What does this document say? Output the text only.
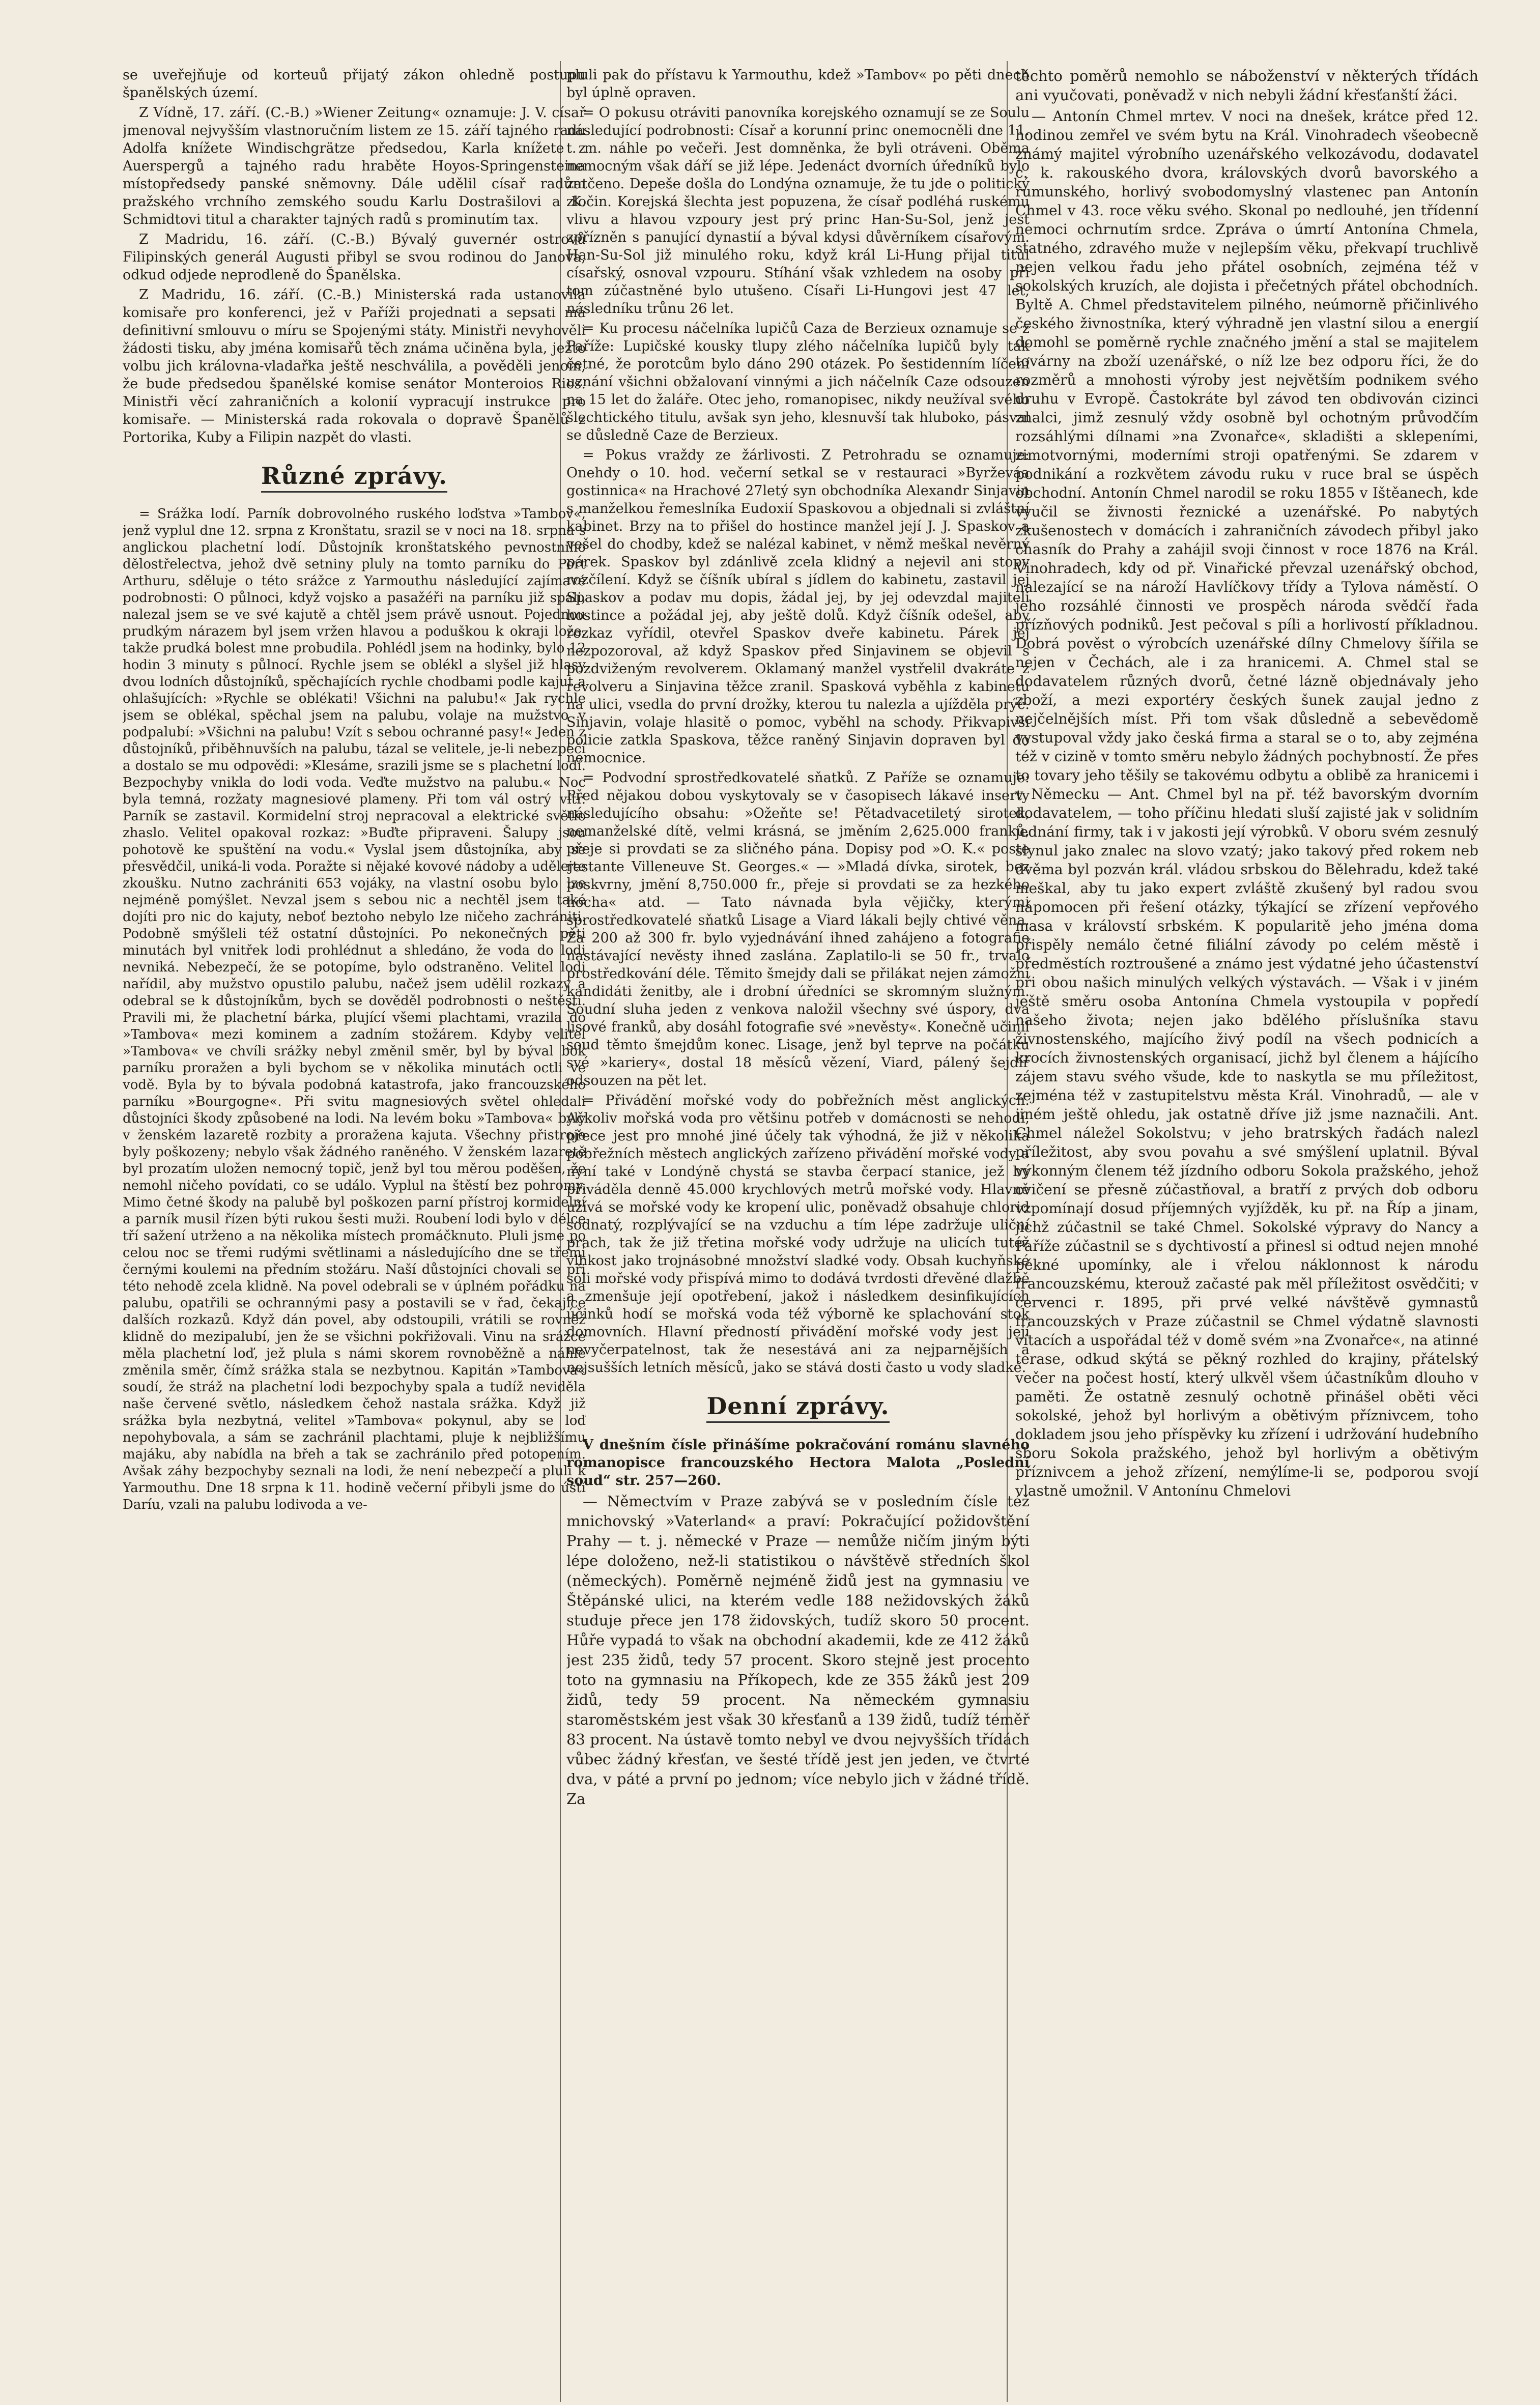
se uveřejňuje od korteuů přijatý zákon ohledně postupu španělských území.

Z Vídně, 17. září. (C.-B.) »Wiener Zeitung« oznamuje: J. V. císař jmenoval nejvyšším vlastnoručním listem ze 15. září tajného radu Adolfa knížete Windischgrätze předsedou, Karla knížete z Auerspergů a tajného radu hraběte Hoyos-Springensteina místopředsedy panské sněmovny. Dále udělil císař radům pražského vrchního zemského soudu Karlu Dostrašilovi a K. Schmidtovi titul a charakter tajných radů s prominutím tax.

Z Madridu, 16. září. (C.-B.) Bývalý guvernér ostrovů Filipinských generál Augusti přibyl se svou rodinou do Janova, odkud odjede neprodleně do Španělska.

Z Madridu, 16. září. (C.-B.) Ministerská rada ustanovila komisaře pro konferenci, jež v Paříži projednati a sepsati má definitivní smlouvu o míru se Spojenými státy. Ministři nevyhověli žádosti tisku, aby jména komisařů těch známa učiněna byla, ježto volbu jich královna-vladařka ještě neschválila, a pověděli jenom, že bude předsedou španělské komise senátor Monteroios Rios. Ministři věcí zahraničních a kolonií vypracují instrukce pro komisaře. — Ministerská rada rokovala o dopravě Španělů z Portorika, Kuby a Filipin nazpět do vlasti.

Různé zprávy.

= Srážka lodí. Parník dobrovolného ruského loďstva »Tambov«, jenž vyplul dne 12. srpna z Kronštatu, srazil se v noci na 18. srpna s anglickou plachetní lodí. Důstojník kronštatského pevnostního dělostřelectva, jehož dvě setniny pluly na tomto parníku do Port Arthuru, sděluje o této srážce z Yarmouthu následující zajímavé podrobnosti: O půlnoci, když vojsko a pasažéři na parníku již spali, nalezal jsem se ve své kajutě a chtěl jsem právě usnout. Pojednou prudkým nárazem byl jsem vržen hlavou a poduškou k okraji lože, takže prudká bolest mne probudila. Pohlédl jsem na hodinky, bylo 12 hodin 3 minuty s půlnocí. Rychle jsem se oblékl a slyšel již hlasy dvou lodních důstojníků, spěchajících rychle chodbami podle kajut a ohlašujících: »Rychle se oblékati! Všichni na palubu!« Jak rychle jsem se oblékal, spěchal jsem na palubu, volaje na mužstvo v podpalubí: »Všichni na palubu! Vzít s sebou ochranné pasy!« Jeden z důstojníků, přiběhnuvších na palubu, tázal se velitele, je-li nebezpečí a dostalo se mu odpovědi: »Klesáme, srazili jsme se s plachetní lodí. Bezpochyby vnikla do lodi voda. Veďte mužstvo na palubu.« Noc byla temná, rozžaty magnesiové plameny. Při tom vál ostrý vítr. Parník se zastavil. Kormidelní stroj nepracoval a elektrické světlo zhaslo. Velitel opakoval rozkaz: »Buďte připraveni. Šalupy jsou pohotově ke spuštění na vodu.« Vyslal jsem důstojníka, aby se přesvědčil, uniká-li voda. Poražte si nějaké kovové nádoby a udělejte zkoušku. Nutno zachrániti 653 vojáky, na vlastní osobu bylo lze nejméně pomýšlet. Nevzal jsem s sebou nic a nechtěl jsem také dojíti pro nic do kajuty, neboť beztoho nebylo lze ničeho zachrániti. Podobně smýšleli též ostatní důstojníci. Po nekonečných pěti minutách byl vnitřek lodi prohlédnut a shledáno, že voda do lodi nevniká. Nebezpečí, že se potopíme, bylo odstraněno. Velitel lodi nařídil, aby mužstvo opustilo palubu, načež jsem udělil rozkazy a odebral se k důstojníkům, bych se dověděl podrobnosti o neštěstí. Pravili mi, že plachetní bárka, plující všemi plachtami, vrazila do »Tambova« mezi kominem a zadním stožárem. Kdyby velitel »Tambova« ve chvíli srážky nebyl změnil směr, byl by býval bok parníku proražen a byli bychom se v několika minutách octli ve vodě. Byla by to bývala podobná katastrofa, jako francouzského parníku »Bourgogne«. Při svitu magnesiových světel ohledali důstojníci škody způsobené na lodi. Na levém boku »Tambova« byly v ženském lazaretě rozbity a proražena kajuta. Všechny přistroje byly poškozeny; nebylo však žádného raněného. V ženském lazaretě byl prozatím uložen nemocný topič, jenž byl tou měrou poděšen, že nemohl ničeho povídati, co se událo. Vyplul na štěstí bez pohromy. Mimo četné škody na palubě byl poškozen parní přístroj kormidelní a parník musil řízen býti rukou šesti muži. Roubení lodi bylo v délce tří sažení utrženo a na několika místech promáčknuto. Pluli jsme po celou noc se třemi rudými světlinami a následujícího dne se třemi černými koulemi na předním stožáru. Naší důstojníci chovali se při této nehodě zcela klidně. Na povel odebrali se v úplném pořádku na palubu, opatřili se ochrannými pasy a postavili se v řad, čekajíce dalších rozkazů. Když dán povel, aby odstoupili, vrátili se rovněž klidně do mezipalubí, jen že se všichni pokřižovali. Vinu na srážce měla plachetní loď, jež plula s námi skorem rovnoběžně a náhle změnila směr, čímž srážka stala se nezbytnou. Kapitán »Tambova« soudí, že stráž na plachetní lodi bezpochyby spala a tudíž neviděla naše červené světlo, následkem čehož nastala srážka. Když již srážka byla nezbytná, velitel »Tambova« pokynul, aby se loď nepohybovala, a sám se zachránil plachtami, pluje k nejbližšímu majáku, aby nabídla na břeh a tak se zachránilo před potopením. Avšak záhy bezpochyby seznali na lodi, že není nebezpečí a pluli k Yarmouthu. Dne 18 srpna k 11. hodině večerní přibyli jsme do ústí Daríu, vzali na palubu lodivoda a ve-

pluli pak do přístavu k Yarmouthu, kdež »Tambov« po pěti dnech byl úplně opraven.

= O pokusu otráviti panovníka korejského oznamují se ze Soulu následující podrobnosti: Císař a korunní princ onemocněli dne 11. t. m. náhle po večeři. Jest domněnka, že byli otráveni. Oběma nemocným však dáří se již lépe. Jedenáct dvorních úředníků bylo zatčeno. Depeše došla do Londýna oznamuje, že tu jde o politický zločin. Korejská šlechta jest popuzena, že císař podléhá ruskému vlivu a hlavou vzpoury jest prý princ Han-Su-Sol, jenž jest zpřízněn s panující dynastií a býval kdysi důvěrníkem císařovým. Han-Su-Sol již minulého roku, když král Li-Hung přijal titul císařský, osnoval vzpouru. Stíhání však vzhledem na osoby při tom zúčastněné bylo utušeno. Císaři Li-Hungovi jest 47 let, následníku trůnu 26 let.

= Ku procesu náčelníka lupičů Caza de Berzieux oznamuje se z Paříže: Lupičské kousky tlupy zlého náčelníka lupičů byly tak četné, že porotcům bylo dáno 290 otázek. Po šestidenním líčení uznání všichni obžalovaní vinnými a jich náčelník Caze odsouzen na 15 let do žaláře. Otec jeho, romanopisec, nikdy neužíval svého šlechtického titulu, avšak syn jeho, klesnuvší tak hluboko, pásval se důsledně Caze de Berzieux.

= Pokus vraždy ze žárlivosti. Z Petrohradu se oznamuje: Onehdy o 10. hod. večerní setkal se v restauraci »Byrževáa gostinnica« na Hrachové 27letý syn obchodníka Alexandr Sinjavin s manželkou řemeslníka Eudoxií Spaskovou a objednali si zvláštní kabinet. Brzy na to přišel do hostince manžel její J. J. Spaskov a vešel do chodby, kdež se nalézal kabinet, v němž meškal nevěrný párek. Spaskov byl zdánlivě zcela klidný a nejevil ani stopy rozčílení. Když se číšník ubíral s jídlem do kabinetu, zastavil jej Spaskov a podav mu dopis, žádal jej, by jej odevzdal majiteli hostince a požádal jej, aby ještě dolů. Když číšník odešel, aby rozkaz vyřídil, otevřel Spaskov dveře kabinetu. Párek jej nezpozoroval, až když Spaskov před Sinjavinem se objevil s pozdviženým revolverem. Oklamaný manžel vystřelil dvakráte z revolveru a Sinjavina těžce zranil. Spasková vyběhla z kabinetu na ulici, vsedla do první drožky, kterou tu nalezla a ujížděla prýč. Sinjavin, volaje hlasitě o pomoc, vyběhl na schody. Přikvapivší policie zatkla Spaskova, těžce raněný Sinjavin dopraven byl do nemocnice.

= Podvodní sprostředkovatelé sňatků. Z Paříže se oznamuje: Před nějakou dobou vyskytovaly se v časopisech lákavé inserty následujícího obsahu: »Ožeňte se! Pětadvacetiletý sirotek, nemanželské dítě, velmi krásná, se jměním 2,625.000 franků, přeje si provdati se za sličného pána. Dopisy pod »O. K.« poste restante Villeneuve St. Georges.« — »Mladá dívka, sirotek, bez poskvrny, jmění 8,750.000 fr., přeje si provdati se za hezkého hocha« atd. — Tato návnada byla vějičky, kterými sprostředkovatelé sňatků Lisage a Viard lákali bejly chtivé věna. Za 200 až 300 fr. bylo vyjednávání ihned zahájeno a fotografie nastávající nevěsty ihned zaslána. Zaplatilo-li se 50 fr., trvalo prostředkování déle. Těmito šmejdy dali se přilákat nejen zámožní kandidáti ženitby, ale i drobní úředníci se skromným služným. Soudní sluha jeden z venkova naložil všechny své úspory, dva lisové franků, aby dosáhl fotografie své »nevěsty«. Konečně učinil soud těmto šmejdům konec. Lisage, jenž byl teprve na počátku své »kariery«, dostal 18 měsíců vězení, Viard, pálený šejdíř odsouzen na pět let.

= Přivádění mořské vody do pobřežních měst anglických. Ačkoliv mořská voda pro většinu potřeb v domácnosti se nehodí, přece jest pro mnohé jiné účely tak výhodná, že již v několika pobřežních městech anglických zařízeno přivádění mořské vody a nyní také v Londýně chystá se stavba čerpací stanice, jež by přiváděla denně 45.000 krychlových metrů mořské vody. Hlavně užívá se mořské vody ke kropení ulic, poněvadž obsahuje chlorid sodnatý, rozplývající se na vzduchu a tím lépe zadržuje uliční prach, tak že již třetina mořské vody udržuje na ulicích tutéž vlhkost jako trojnásobné množství sladké vody. Obsah kuchyňské soli mořské vody přispívá mimo to dodává tvrdosti dřevěné dlažbě a zmenšuje její opotřebení, jakož i následkem desinfikujících účinků hodí se mořská voda též výborně ke splachování stok domovních. Hlavní předností přivádění mořské vody jest její nevyčerpatelnost, tak že nesestává ani za nejparnějších a nejsušších letních měsíců, jako se stává dosti často u vody sladké.

Denní zprávy.

V dnešním čísle přinášíme pokračování románu slavného romanopisce francouzského Hectora Malota „Poslední soud“ str. 257—260.

— Němectvím v Praze zabývá se v posledním čísle též mnichovský »Vaterland« a praví: Pokračující požidovštění Prahy — t. j. německé v Praze — nemůže ničím jiným býti lépe doloženo, než-li statistikou o návštěvě středních škol (německých). Poměrně nejméně židů jest na gymnasiu ve Štěpánské ulici, na kterém vedle 188 nežidovských žáků studuje přece jen 178 židovských, tudíž skoro 50 procent. Hůře vypadá to však na obchodní akademii, kde ze 412 žáků jest 235 židů, tedy 57 procent. Skoro stejně jest procento toto na gymnasiu na Příkopech, kde ze 355 žáků jest 209 židů, tedy 59 procent. Na německém gymnasiu staroměstském jest však 30 křesťanů a 139 židů, tudíž téměř 83 procent. Na ústavě tomto nebyl ve dvou nejvyšších třídách vůbec žádný křesťan, ve šesté třídě jest jen jeden, ve čtvrté dva, v páté a první po jednom; více nebylo jich v žádné třídě. Za

těchto poměrů nemohlo se náboženství v některých třídách ani vyučovati, poněvadž v nich nebyli žádní křesťanští žáci.

— Antonín Chmel mrtev. V noci na dnešek, krátce před 12. hodinou zemřel ve svém bytu na Král. Vinohradech všeobecně známý majitel výrobního uzenářského velkozávodu, dodavatel c. k. rakouského dvora, královských dvorů bavorského a rumunského, horlivý svobodomyslný vlastenec pan Antonín Chmel v 43. roce věku svého. Skonal po nedlouhé, jen třídenní nemoci ochrnutím srdce. Zpráva o úmrtí Antonína Chmela, statného, zdravého muže v nejlepším věku, překvapí truchlivě nejen velkou řadu jeho přátel osobních, zejména též v sokolských kruzích, ale dojista i přečetných přátel obchodních. Byltě A. Chmel představitelem pilného, neúmorně přičinlivého českého živnostníka, který výhradně jen vlastní silou a energií domohl se poměrně rychle značného jmění a stal se majitelem továrny na zboží uzenářské, o níž lze bez odporu říci, že do rozměrů a mnohosti výroby jest největším podnikem svého druhu v Evropě. Častokráte byl závod ten obdivován cizinci znalci, jimž zesnulý vždy osobně byl ochotným průvodčím rozsáhlými dílnami »na Zvonařce«, skladišti a sklepeními, zimotvornými, moderními stroji opatřenými. Se zdarem v podnikání a rozkvětem závodu ruku v ruce bral se úspěch obchodní. Antonín Chmel narodil se roku 1855 v Ištěanech, kde vyučil se živnosti řeznické a uzenářské. Po nabytých zkušenostech v domácích i zahraničních závodech přibyl jako chasník do Prahy a zahájil svoji činnost v roce 1876 na Král. Vinohradech, kdy od př. Vinařické převzal uzenářský obchod, nalezající se na nároží Havlíčkovy třídy a Tylova náměstí. O jeho rozsáhlé činnosti ve prospěch národa svědčí řada přízňových podniků. Jest pečoval s píli a horlivostí příkladnou. Dobrá pověst o výrobcích uzenářské dílny Chmelovy šířila se nejen v Čechách, ale i za hranicemi. A. Chmel stal se dodavatelem různých dvorů, četné lázně objednávaly jeho zboží, a mezi exportéry českých šunek zaujal jedno z nejčelnějších míst. Při tom však důsledně a sebevědomě vystupoval vždy jako česká firma a staral se o to, aby zejména též v cizině v tomto směru nebylo žádných pochybností. Že přes to tovary jeho těšily se takovému odbytu a oblibě za hranicemi i v Německu — Ant. Chmel byl na př. též bavorským dvorním dodavatelem, — toho příčinu hledati sluší zajisté jak v solidním jednání firmy, tak i v jakosti její výrobků. V oboru svém zesnulý slynul jako znalec na slovo vzatý; jako takový před rokem neb dvěma byl pozván král. vládou srbskou do Bělehradu, kdež také meškal, aby tu jako expert zvláště zkušený byl radou svou nápomocen při řešení otázky, týkající se zřízení vepřového masa v královstí srbském. K popularitě jeho jména doma přispěly nemálo četné filiální závody po celém městě i předměstích roztroušené a známo jest výdatné jeho účastenství při obou našich minulých velkých výstavách. — Však i v jiném ještě směru osoba Antonína Chmela vystoupila v popředí našeho života; nejen jako bdělého příslušníka stavu živnostenského, majícího živý podíl na všech podnicích a krocích živnostenských organisací, jichž byl členem a hájícího zájem stavu svého všude, kde to naskytla se mu příležitost, zejména též v zastupitelstvu města Král. Vinohradů, — ale v jiném ještě ohledu, jak ostatně dříve již jsme naznačili. Ant. Chmel náležel Sokolstvu; v jeho bratrských řadách nalezl příležitost, aby svou povahu a své smýšlení uplatnil. Býval výkonným členem též jízdního odboru Sokola pražského, jehož cvičení se přesně zúčastňoval, a bratří z prvých dob odboru vzpomínají dosud příjemných vyjížděk, ku př. na Říp a jinam, jichž zúčastnil se také Chmel. Sokolské výpravy do Nancy a Paříže zúčastnil se s dychtivostí a přinesl si odtud nejen mnohé pěkné upomínky, ale i vřelou náklonnost k národu francouzskému, kterouž začasté pak měl příležitost osvědčiti; v červenci r. 1895, při prvé velké návštěvě gymnastů francouzských v Praze zúčastnil se Chmel výdatně slavnosti vítacích a uspořádal též v domě svém »na Zvonařce«, na atinné terase, odkud skýtá se pěkný rozhled do krajiny, přátelský večer na počest hostí, který ulkvěl všem účastníkům dlouho v paměti. Že ostatně zesnulý ochotně přinášel oběti věci sokolské, jehož byl horlivým a obětivým příznivcem, toho dokladem jsou jeho příspěvky ku zřízení i udržování hudebního sboru Sokola pražského, jehož byl horlivým a obětivým příznivcem a jehož zřízení, nemýlíme-li se, podporou svojí vlastně umožnil. V Antonínu Chmelovi
